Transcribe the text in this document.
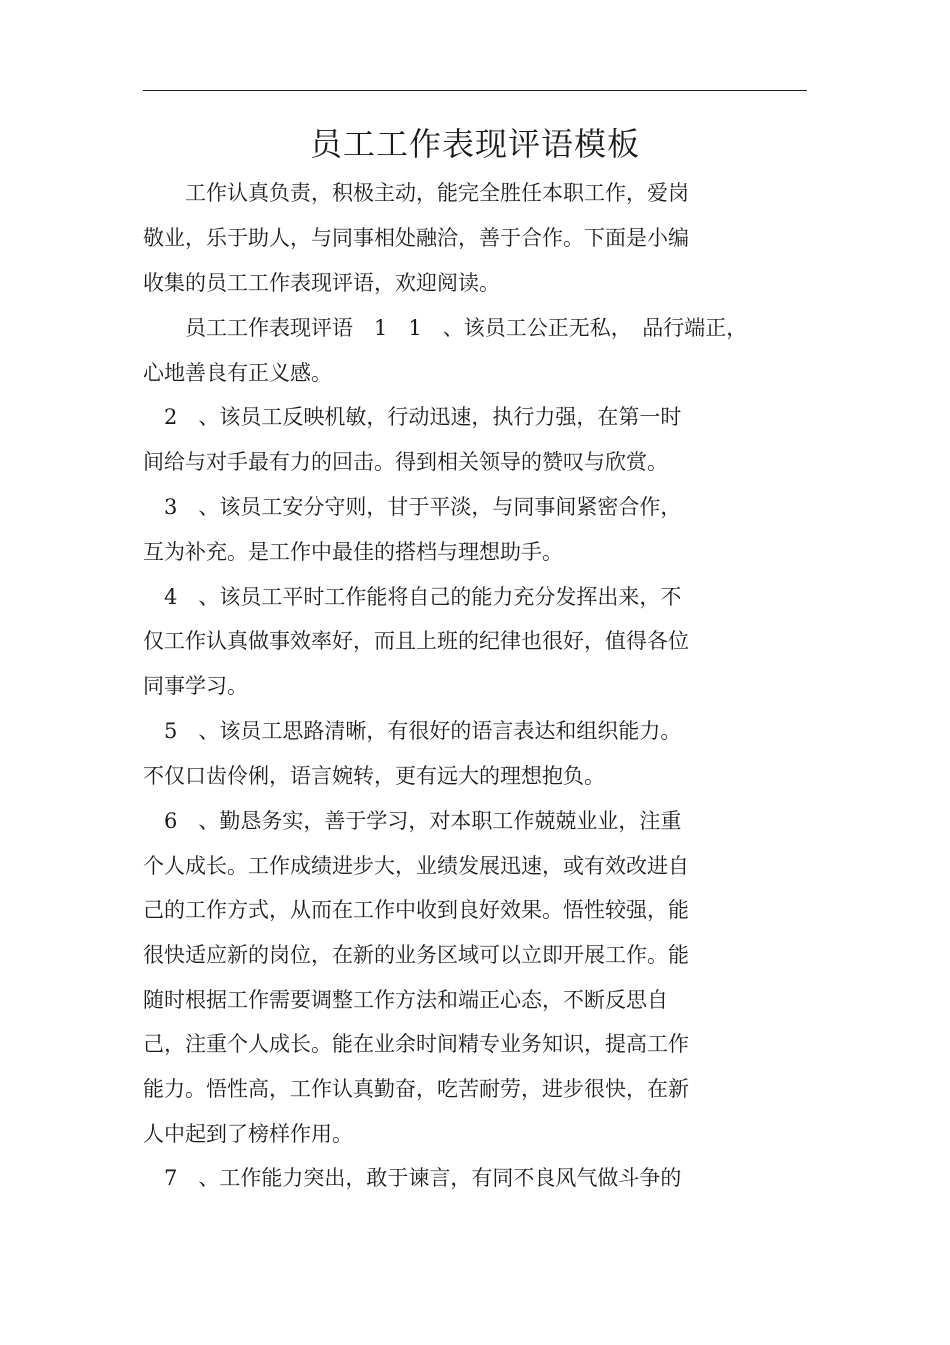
员工工作表现评语模板
　　工作认真负责，积极主动，能完全胜任本职工作，爱岗
敬业，乐于助人，与同事相处融洽，善于合作。下面是小编
收集的员工工作表现评语，欢迎阅读。
　　员工工作表现评语　1　1　、该员工公正无私，　品行端正，
心地善良有正义感。
　2　、该员工反映机敏，行动迅速，执行力强，在第一时
间给与对手最有力的回击。得到相关领导的赞叹与欣赏。
　3　、该员工安分守则，甘于平淡，与同事间紧密合作，
互为补充。是工作中最佳的搭档与理想助手。
　4　、该员工平时工作能将自己的能力充分发挥出来，不
仅工作认真做事效率好，而且上班的纪律也很好，值得各位
同事学习。
　5　、该员工思路清晰，有很好的语言表达和组织能力。
不仅口齿伶俐，语言婉转，更有远大的理想抱负。
　6　、勤恳务实，善于学习，对本职工作兢兢业业，注重
个人成长。工作成绩进步大，业绩发展迅速，或有效改进自
己的工作方式，从而在工作中收到良好效果。悟性较强，能
很快适应新的岗位，在新的业务区域可以立即开展工作。能
随时根据工作需要调整工作方法和端正心态，不断反思自
己，注重个人成长。能在业余时间精专业务知识，提高工作
能力。悟性高，工作认真勤奋，吃苦耐劳，进步很快，在新
人中起到了榜样作用。
　7　、工作能力突出，敢于谏言，有同不良风气做斗争的
